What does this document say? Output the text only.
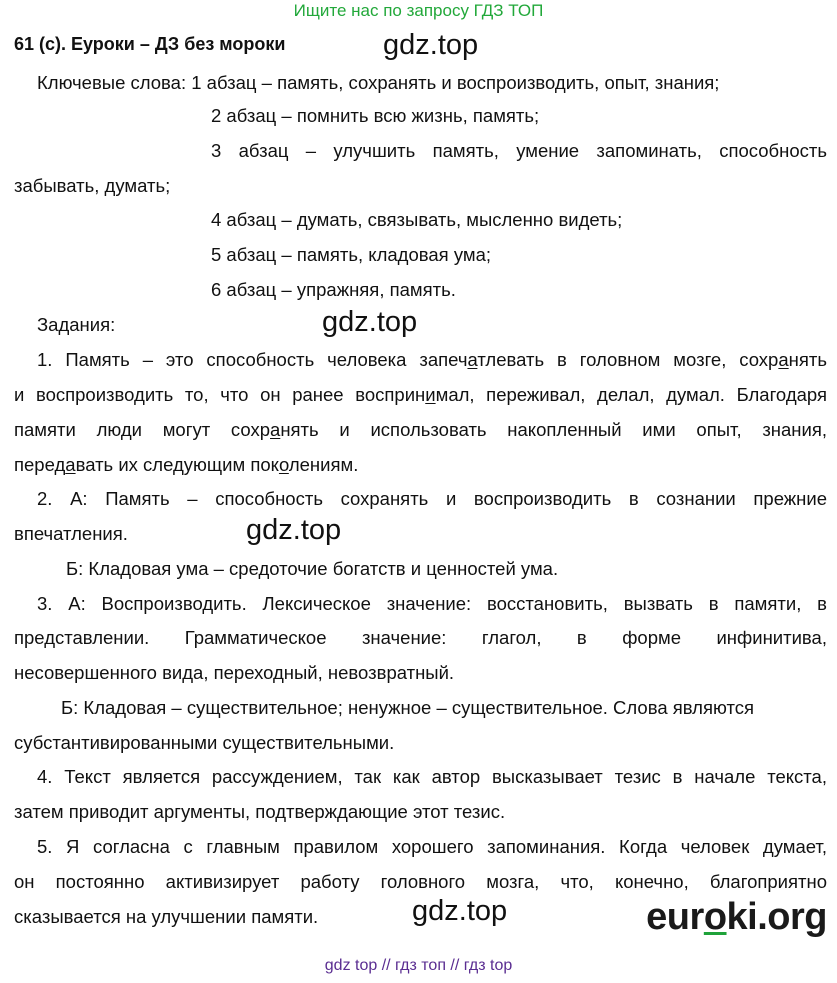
Ищите нас по запросу ГДЗ ТОП
61 (с). Еуроки – ДЗ без мороки	gdz.top
Ключевые слова: 1 абзац – память, сохранять и воспроизводить, опыт, знания;
2 абзац – помнить всю жизнь, память;
3 абзац – улучшить память, умение запоминать, способность
забывать, думать;
4 абзац – думать, связывать, мысленно видеть;
5 абзац – память, кладовая ума;
6 абзац – упражняя, память.
Задания:	gdz.top
1. Память – это способность человека запечатлевать в головном мозге, сохранять
и воспроизводить то, что он ранее воспринимал, переживал, делал, думал. Благодаря
памяти люди могут сохранять и использовать накопленный ими опыт, знания,
передавать их следующим поколениям.
2. А: Память – способность сохранять и воспроизводить в сознании прежние
впечатления.	gdz.top
Б: Кладовая ума – средоточие богатств и ценностей ума.
3. А: Воспроизводить. Лексическое значение: восстановить, вызвать в памяти, в
представлении. Грамматическое значение: глагол, в форме инфинитива,
несовершенного вида, переходный, невозвратный.
Б: Кладовая – существительное; ненужное – существительное. Слова являются
субстантивированными существительными.
4. Текст является рассуждением, так как автор высказывает тезис в начале текста,
затем приводит аргументы, подтверждающие этот тезис.
5. Я согласна с главным правилом хорошего запоминания. Когда человек думает,
он постоянно активизирует работу головного мозга, что, конечно, благоприятно
сказывается на улучшении памяти.	gdz.top	euroki.org
gdz top // гдз топ // гдз top
